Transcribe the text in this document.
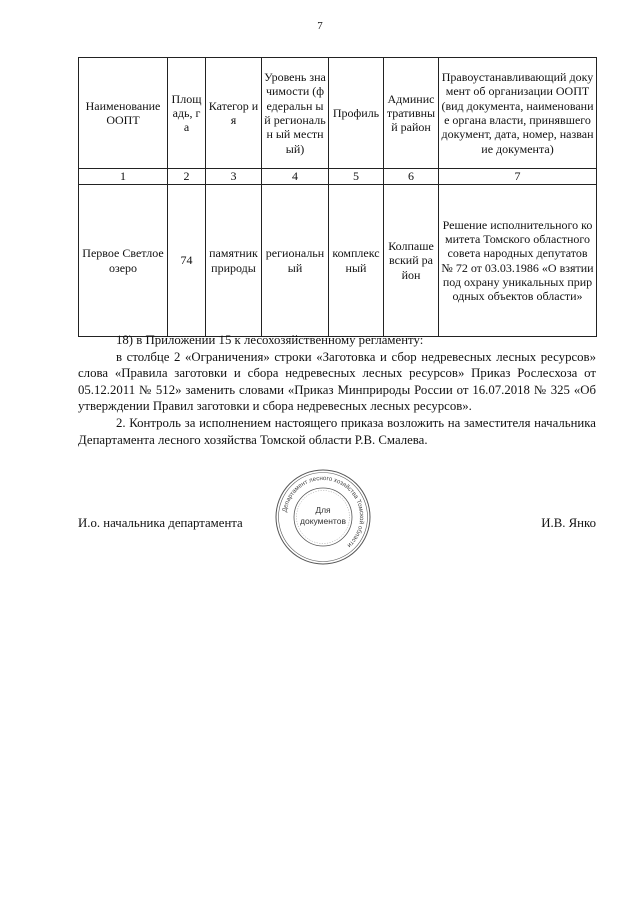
7
Наименование ООПТ	Площ адь, га	Категор ия	Уровень значимости (федеральн ый региональн ый местный)	Профиль	Админис тративны й район	Правоустанавливающий документ об организации ООПТ (вид документа, наименование органа власти, принявшего документ, дата, номер, название документа)
1	2	3	4	5	6	7
Первое Светлое озеро	74	памятник природы	региональн ый	комплекс ный	Колпаше вский район	Решение исполнительного комитета Томского областного совета народных депутатов № 72 от 03.03.1986 «О взятии под охрану уникальных природных объектов области»

18) в Приложении 15 к лесохозяйственному регламенту:

в столбце 2 «Ограничения» строки «Заготовка и сбор недревесных лесных ресурсов» слова «Правила заготовки и сбора недревесных лесных ресурсов» Приказ Рослесхоза от 05.12.2011 № 512» заменить словами «Приказ Минприроды России от 16.07.2018 № 325 «Об утверждении Правил заготовки и сбора недревесных лесных ресурсов».

2. Контроль за исполнением настоящего приказа возложить на заместителя начальника Департамента лесного хозяйства Томской области Р.В. Смалева.

И.о. начальника департамента	И.В. Янко
Департамент лесного хозяйства Томской области
Для
документов
